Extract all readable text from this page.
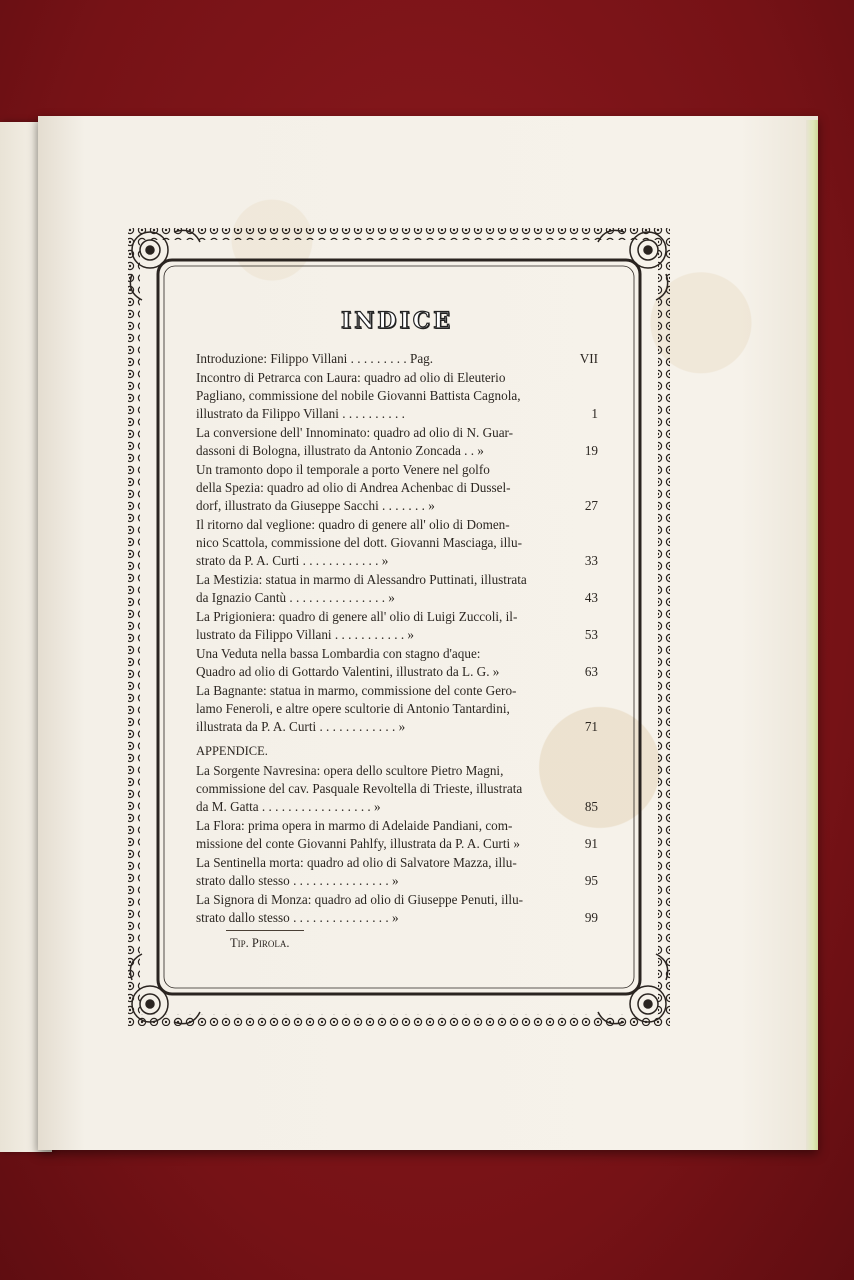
INDICE
Introduzione: Filippo Villani . . . . . . . . . Pag.	VII
Incontro di Petrarca con Laura: quadro ad olio di Eleuterio
Pagliano, commissione del nobile Giovanni Battista Cagnola,
illustrato da Filippo Villani . . . . . . . . . .	1
La conversione dell' Innominato: quadro ad olio di N. Guar-
dassoni di Bologna, illustrato da Antonio Zoncada . . »	19
Un tramonto dopo il temporale a porto Venere nel golfo
della Spezia: quadro ad olio di Andrea Achenbac di Dussel-
dorf, illustrato da Giuseppe Sacchi . . . . . . . »	27
Il ritorno dal veglione: quadro di genere all' olio di Domen-
nico Scattola, commissione del dott. Giovanni Masciaga, illu-
strato da P. A. Curti . . . . . . . . . . . . »	33
La Mestizia: statua in marmo di Alessandro Puttinati, illustrata
da Ignazio Cantù . . . . . . . . . . . . . . . »	43
La Prigioniera: quadro di genere all' olio di Luigi Zuccoli, il-
lustrato da Filippo Villani . . . . . . . . . . . »	53
Una Veduta nella bassa Lombardia con stagno d'aque:
Quadro ad olio di Gottardo Valentini, illustrato da L. G. »	63
La Bagnante: statua in marmo, commissione del conte Gero-
lamo Feneroli, e altre opere scultorie di Antonio Tantardini,
illustrata da P. A. Curti . . . . . . . . . . . . »	71
APPENDICE.
La Sorgente Navresina: opera dello scultore Pietro Magni,
commissione del cav. Pasquale Revoltella di Trieste, illustrata
da M. Gatta . . . . . . . . . . . . . . . . . »	85
La Flora: prima opera in marmo di Adelaide Pandiani, com-
missione del conte Giovanni Pahlfy, illustrata da P. A. Curti »	91
La Sentinella morta: quadro ad olio di Salvatore Mazza, illu-
strato dallo stesso . . . . . . . . . . . . . . . »	95
La Signora di Monza: quadro ad olio di Giuseppe Penuti, illu-
strato dallo stesso . . . . . . . . . . . . . . . »	99
Tip. Pirola.
